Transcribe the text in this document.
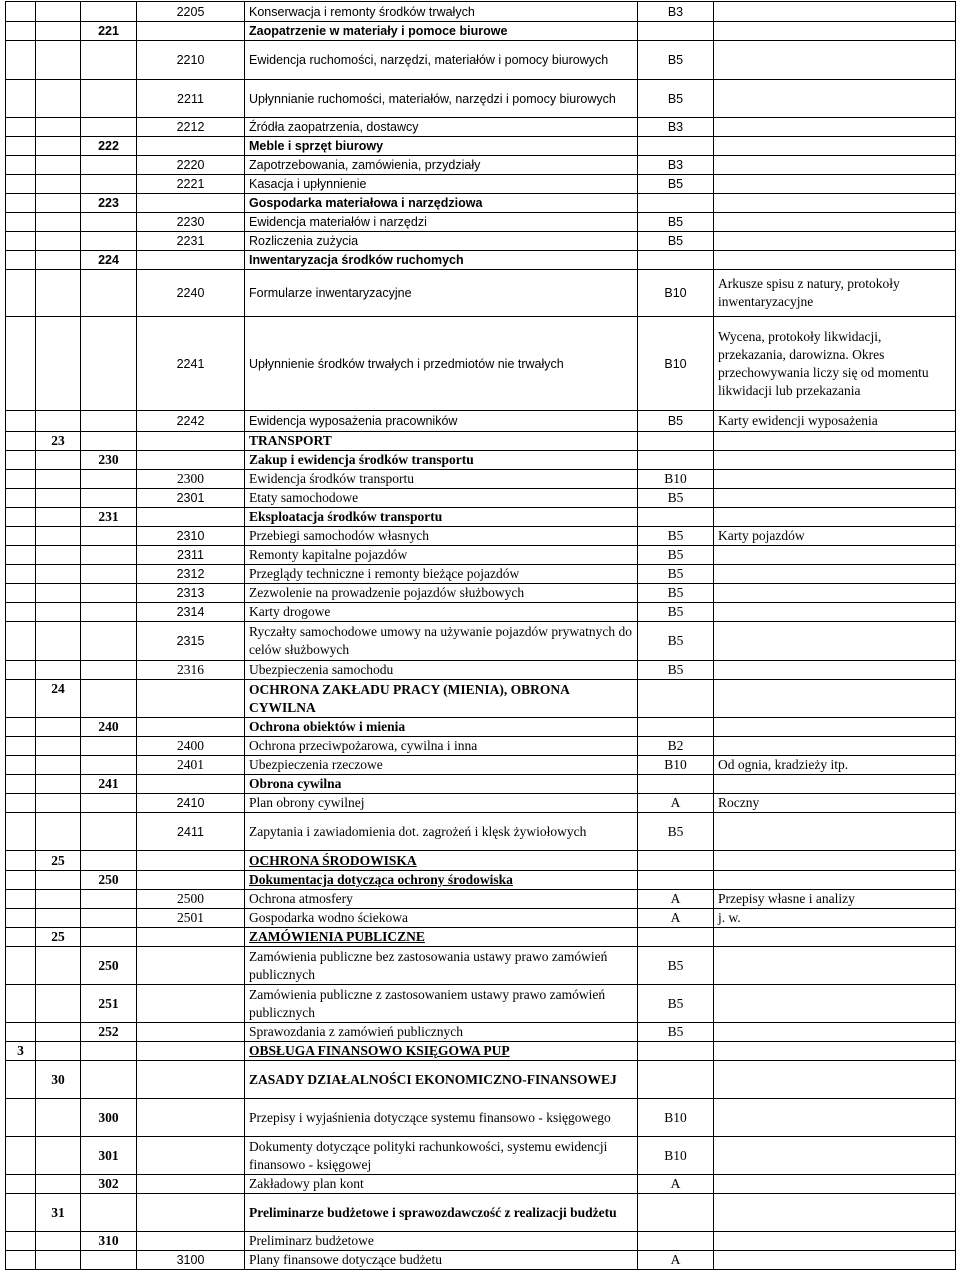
			2205	Konserwacja i remonty środków trwałych	B3	
		221		Zaopatrzenie w materiały i pomoce biurowe		
			2210	Ewidencja ruchomości, narzędzi, materiałów i pomocy biurowych	B5	
			2211	Upłynnianie ruchomości, materiałów, narzędzi i pomocy biurowych	B5	
			2212	Źródła zaopatrzenia, dostawcy	B3	
		222		Meble i sprzęt biurowy		
			2220	Zapotrzebowania, zamówienia, przydziały	B3	
			2221	Kasacja i upłynnienie	B5	
		223		Gospodarka materiałowa i narzędziowa		
			2230	Ewidencja materiałów i narzędzi	B5	
			2231	Rozliczenia zużycia	B5	
		224		Inwentaryzacja środków ruchomych		
			2240	Formularze inwentaryzacyjne	B10	Arkusze spisu z natury, protokoły inwentaryzacyjne
			2241	Upłynnienie środków trwałych i przedmiotów nie trwałych	B10	Wycena, protokoły likwidacji, przekazania, darowizna. Okres przechowywania liczy się od momentu likwidacji lub przekazania
			2242	Ewidencja wyposażenia pracowników	B5	Karty ewidencji wyposażenia
	23			TRANSPORT		
		230		Zakup i ewidencja środków transportu		
			2300	Ewidencja środków transportu	B10	
			2301	Etaty samochodowe	B5	
		231		Eksploatacja środków transportu		
			2310	Przebiegi samochodów własnych	B5	Karty pojazdów
			2311	Remonty kapitalne pojazdów	B5	
			2312	Przeglądy techniczne i remonty bieżące pojazdów	B5	
			2313	Zezwolenie na prowadzenie pojazdów służbowych	B5	
			2314	Karty drogowe	B5	
			2315	Ryczałty samochodowe umowy na używanie pojazdów prywatnych do celów służbowych	B5	
			2316	Ubezpieczenia samochodu	B5	
	24			OCHRONA ZAKŁADU PRACY (MIENIA), OBRONA CYWILNA		
		240		Ochrona obiektów i mienia		
			2400	Ochrona przeciwpożarowa, cywilna i inna	B2	
			2401	Ubezpieczenia rzeczowe	B10	Od ognia, kradzieży itp.
		241		Obrona cywilna		
			2410	Plan obrony cywilnej	A	Roczny
			2411	Zapytania i zawiadomienia dot. zagrożeń i klęsk żywiołowych	B5	
	25			OCHRONA ŚRODOWISKA		
		250		Dokumentacja dotycząca ochrony środowiska		
			2500	Ochrona atmosfery	A	Przepisy własne i analizy
			2501	Gospodarka wodno ściekowa	A	j. w.
	25			ZAMÓWIENIA PUBLICZNE		
		250		Zamówienia publiczne bez zastosowania ustawy prawo zamówień publicznych	B5	
		251		Zamówienia publiczne z zastosowaniem ustawy prawo zamówień publicznych	B5	
		252		Sprawozdania z zamówień publicznych	B5	
3				OBSŁUGA FINANSOWO KSIĘGOWA PUP		
	30			ZASADY DZIAŁALNOŚCI EKONOMICZNO-FINANSOWEJ		
		300		Przepisy i wyjaśnienia dotyczące systemu finansowo - księgowego	B10	
		301		Dokumenty dotyczące polityki rachunkowości, systemu ewidencji finansowo - księgowej	B10	
		302		Zakładowy plan kont	A	
	31			Preliminarze budżetowe i sprawozdawczość z realizacji budżetu		
		310		Preliminarz budżetowe		
			3100	Plany finansowe dotyczące budżetu	A	
